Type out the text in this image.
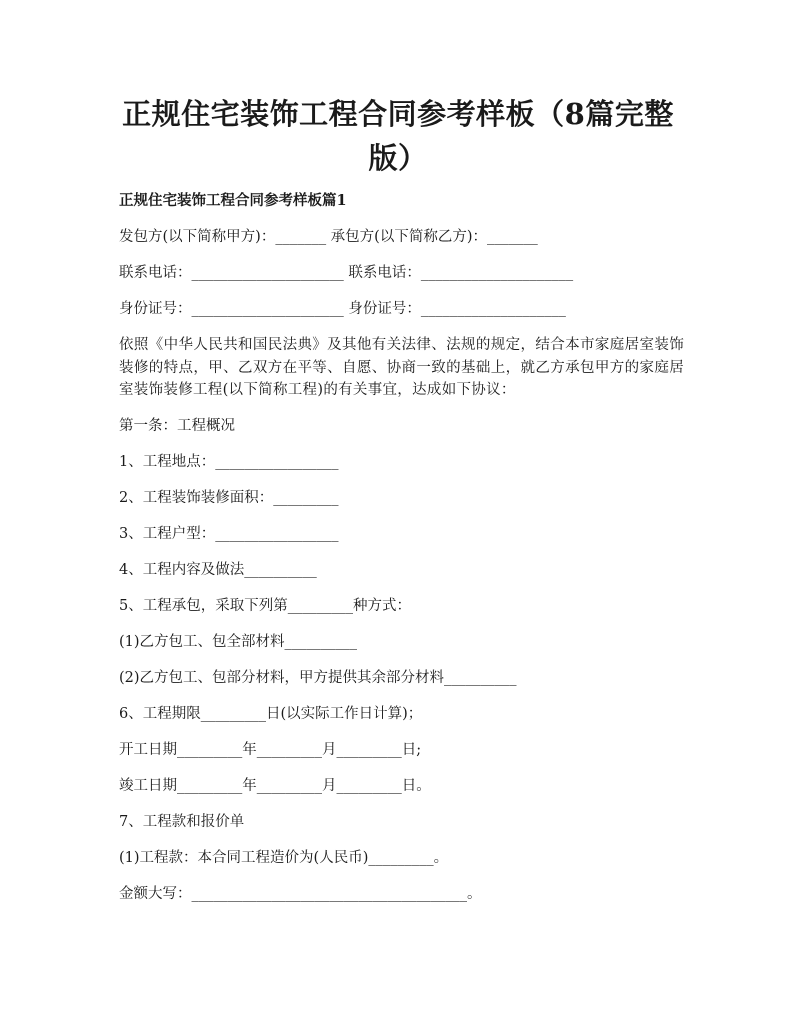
正规住宅装饰工程合同参考样板（8篇完整版）
正规住宅装饰工程合同参考样板篇1
发包方(以下简称甲方)：_______ 承包方(以下简称乙方)：_______
联系电话：_____________________ 联系电话：_____________________
身份证号：_____________________ 身份证号：____________________
依照《中华人民共和国民法典》及其他有关法律、法规的规定，结合本市家庭居室装饰装修的特点，甲、乙双方在平等、自愿、协商一致的基础上，就乙方承包甲方的家庭居室装饰装修工程(以下简称工程)的有关事宜，达成如下协议：
第一条：工程概况
1、工程地点：_________________
2、工程装饰装修面积：_________
3、工程户型：_________________
4、工程内容及做法__________
5、工程承包，采取下列第_________种方式：
(1)乙方包工、包全部材料__________
(2)乙方包工、包部分材料，甲方提供其余部分材料__________
6、工程期限_________日(以实际工作日计算)；
开工日期_________年_________月_________日;
竣工日期_________年_________月_________日。
7、工程款和报价单
(1)工程款：本合同工程造价为(人民币)_________。
金额大写：______________________________________。
